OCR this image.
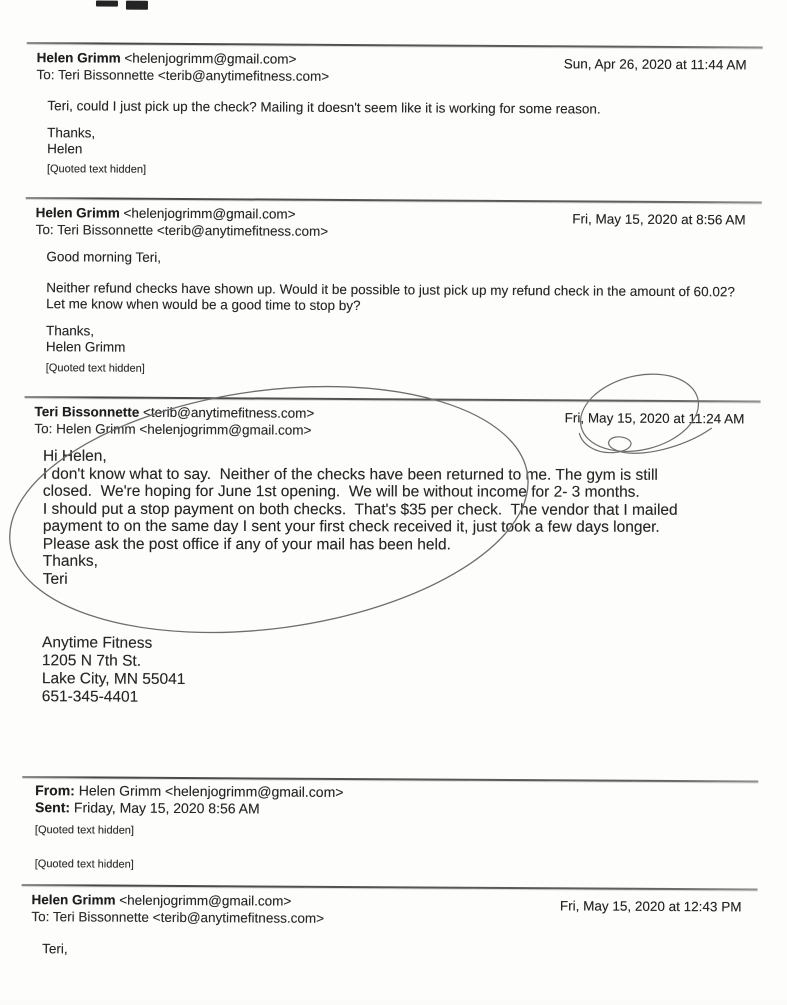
Helen Grimm <helenjogrimm@gmail.com>
To: Teri Bissonnette <terib@anytimefitness.com>
Sun, Apr 26, 2020 at 11:44 AM
Teri, could I just pick up the check? Mailing it doesn't seem like it is working for some reason.
Thanks,
Helen
[Quoted text hidden]
Helen Grimm <helenjogrimm@gmail.com>
To: Teri Bissonnette <terib@anytimefitness.com>
Fri, May 15, 2020 at 8:56 AM
Good morning Teri,
Neither refund checks have shown up. Would it be possible to just pick up my refund check in the amount of 60.02?
Let me know when would be a good time to stop by?
Thanks,
Helen Grimm
[Quoted text hidden]
Teri Bissonnette <terib@anytimefitness.com>
To: Helen Grimm <helenjogrimm@gmail.com>
Fri, May 15, 2020 at 11:24 AM
Hi Helen,
I don't know what to say.  Neither of the checks have been returned to me. The gym is still
closed.  We're hoping for June 1st opening.  We will be without income for 2- 3 months.
I should put a stop payment on both checks.  That's $35 per check.  The vendor that I mailed
payment to on the same day I sent your first check received it, just took a few days longer.
Please ask the post office if any of your mail has been held.
Thanks,
Teri
Anytime Fitness
1205 N 7th St.
Lake City, MN 55041
651-345-4401
From: Helen Grimm <helenjogrimm@gmail.com>
Sent: Friday, May 15, 2020 8:56 AM
[Quoted text hidden]
[Quoted text hidden]
Helen Grimm <helenjogrimm@gmail.com>
To: Teri Bissonnette <terib@anytimefitness.com>
Fri, May 15, 2020 at 12:43 PM
Teri,
